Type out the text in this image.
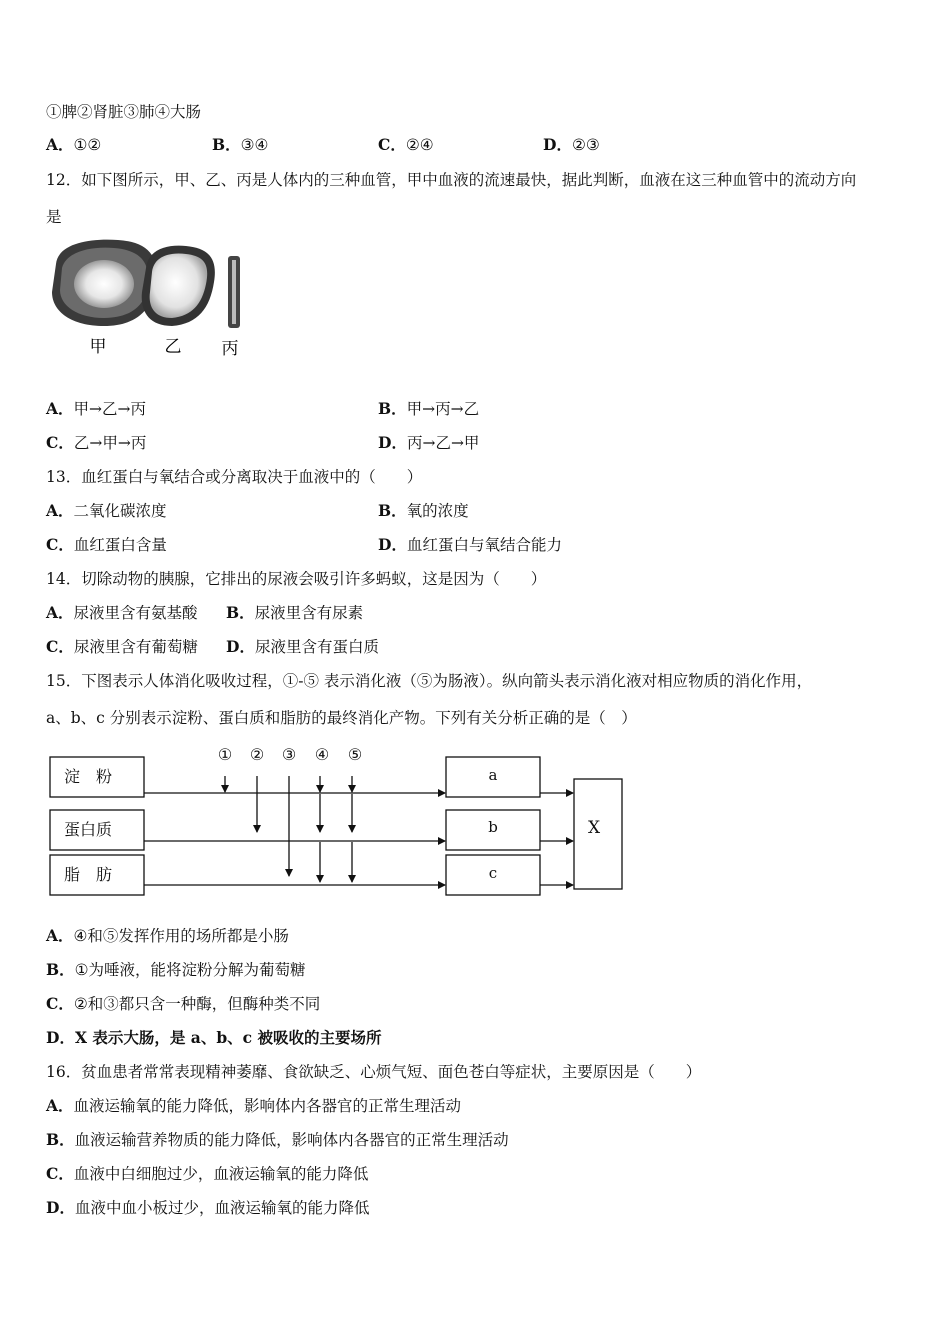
①脾②肾脏③肺④大肠
A．①②	B．③④	C．②④	D．②③
12．如下图所示，甲、乙、丙是人体内的三种血管，甲中血液的流速最快，据此判断，血液在这三种血管中的流动方向
是
甲	乙 丙
A．甲→乙→丙	B．甲→丙→乙
C．乙→甲→丙	D．丙→乙→甲
13．血红蛋白与氧结合或分离取决于血液中的（　　）
A．二氧化碳浓度	B．氧的浓度
C．血红蛋白含量	D．血红蛋白与氧结合能力
14．切除动物的胰腺，它排出的尿液会吸引许多蚂蚁，这是因为（　　）
A．尿液里含有氨基酸 B．尿液里含有尿素
C．尿液里含有葡萄糖 D．尿液里含有蛋白质
15．下图表示人体消化吸收过程，①-⑤ 表示消化液（⑤为肠液）。纵向箭头表示消化液对相应物质的消化作用，
a、b、c 分别表示淀粉、蛋白质和脂肪的最终消化产物。下列有关分析正确的是（　）
① ② ③ ④ ⑤
淀　粉
蛋白质
脂　肪
a
b
c
X
A．④和⑤发挥作用的场所都是小肠
B．①为唾液，能将淀粉分解为葡萄糖
C．②和③都只含一种酶，但酶种类不同
D．X 表示大肠，是 a、b、c 被吸收的主要场所
16．贫血患者常常表现精神萎靡、食欲缺乏、心烦气短、面色苍白等症状，主要原因是（　　）
A．血液运输氧的能力降低，影响体内各器官的正常生理活动
B．血液运输营养物质的能力降低，影响体内各器官的正常生理活动
C．血液中白细胞过少，血液运输氧的能力降低
D．血液中血小板过少，血液运输氧的能力降低
